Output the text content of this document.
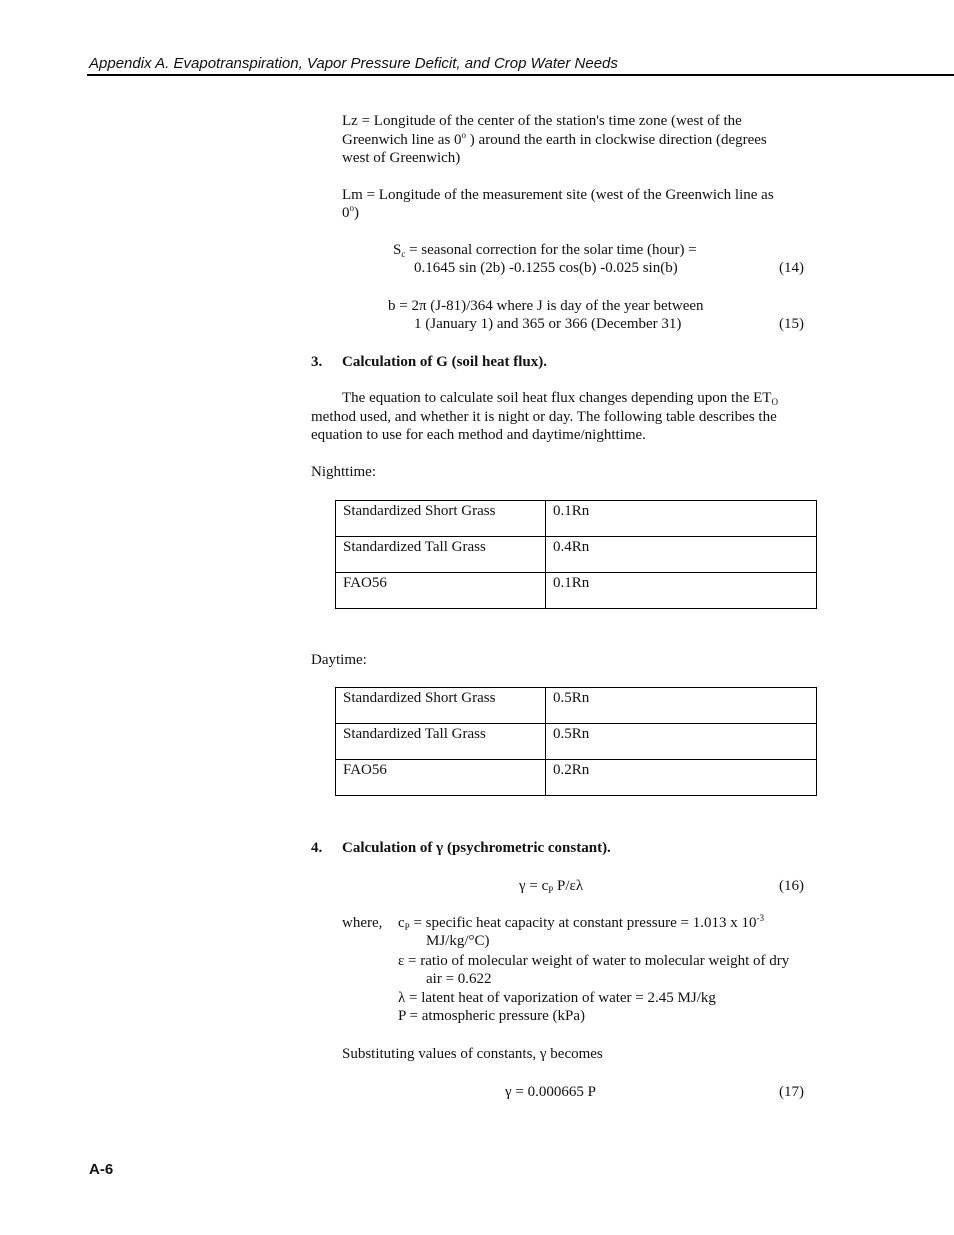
Appendix A. Evapotranspiration, Vapor Pressure Deficit, and Crop Water Needs
Lz = Longitude of the center of the station's time zone (west of the
Greenwich line as 0$^o$ ) around the earth in clockwise direction (degrees
west of Greenwich)
Lm = Longitude of the measurement site (west of the Greenwich line as
0$^o$)
$S_c$ = seasonal correction for the solar time (hour) =
0.1645 sin (2b) -0.1255 cos(b) -0.025 sin(b)	(14)
b = 2π (J-81)/364 where J is day of the year between
1 (January 1) and 365 or 366 (December 31)	(15)
3. Calculation of G (soil heat flux).
The equation to calculate soil heat flux changes depending upon the $ET_O$
method used, and whether it is night or day. The following table describes the
equation to use for each method and daytime/nighttime.
Nighttime:
Standardized Short Grass	0.1Rn
Standardized Tall Grass	0.4Rn
FAO56	0.1Rn
Daytime:
Standardized Short Grass	0.5Rn
Standardized Tall Grass	0.5Rn
FAO56	0.2Rn
4. Calculation of γ (psychrometric constant).
$\gamma = c_P$ P/ελ	(16)
where, $c_P$ = specific heat capacity at constant pressure = 1.013 x $10^{-3}$
MJ/kg/°C)
ε = ratio of molecular weight of water to molecular weight of dry
air = 0.622
λ = latent heat of vaporization of water = 2.45 MJ/kg
P = atmospheric pressure (kPa)
Substituting values of constants, γ becomes
γ = 0.000665 P	(17)
A-6
